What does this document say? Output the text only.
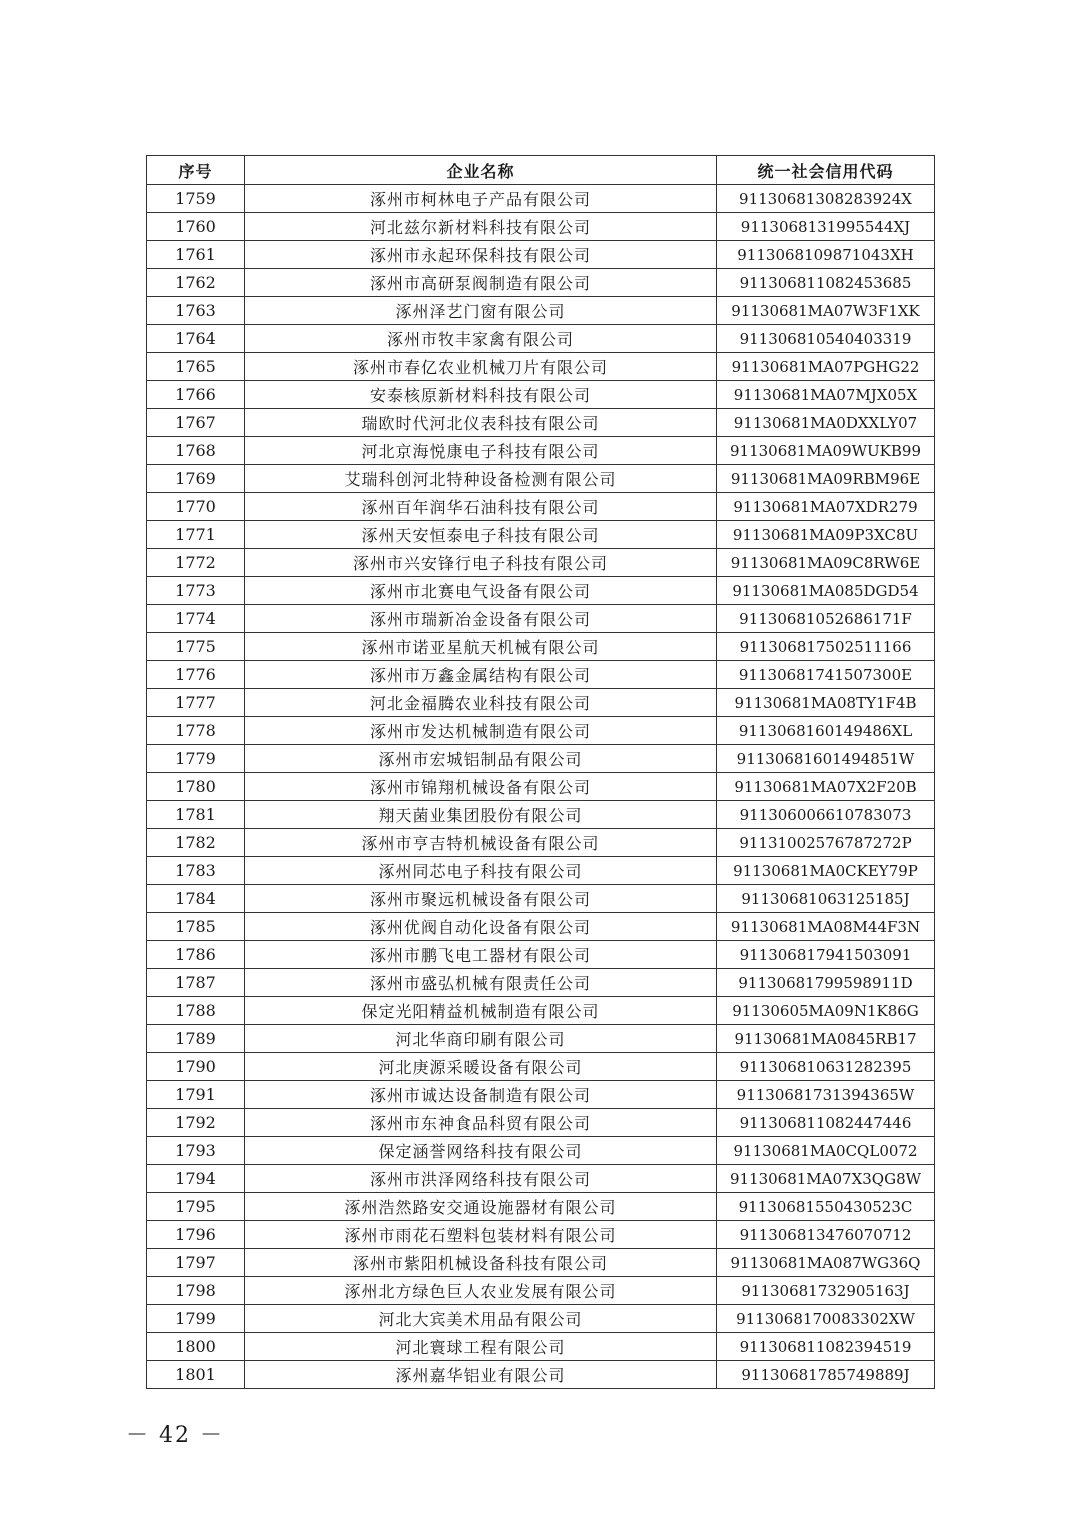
序号	企业名称	统一社会信用代码
1759	涿州市柯林电子产品有限公司	91130681308283924X
1760	河北兹尔新材料科技有限公司	9113068131995544XJ
1761	涿州市永起环保科技有限公司	9113068109871043XH
1762	涿州市高研泵阀制造有限公司	911306811082453685
1763	涿州泽艺门窗有限公司	91130681MA07W3F1XK
1764	涿州市牧丰家禽有限公司	911306810540403319
1765	涿州市春亿农业机械刀片有限公司	91130681MA07PGHG22
1766	安泰核原新材料科技有限公司	91130681MA07MJX05X
1767	瑞欧时代河北仪表科技有限公司	91130681MA0DXXLY07
1768	河北京海悦康电子科技有限公司	91130681MA09WUKB99
1769	艾瑞科创河北特种设备检测有限公司	91130681MA09RBM96E
1770	涿州百年润华石油科技有限公司	91130681MA07XDR279
1771	涿州天安恒泰电子科技有限公司	91130681MA09P3XC8U
1772	涿州市兴安锋行电子科技有限公司	91130681MA09C8RW6E
1773	涿州市北赛电气设备有限公司	91130681MA085DGD54
1774	涿州市瑞新冶金设备有限公司	91130681052686171F
1775	涿州市诺亚星航天机械有限公司	911306817502511166
1776	涿州市万鑫金属结构有限公司	91130681741507300E
1777	河北金福腾农业科技有限公司	91130681MA08TY1F4B
1778	涿州市发达机械制造有限公司	9113068160149486XL
1779	涿州市宏城铝制品有限公司	91130681601494851W
1780	涿州市锦翔机械设备有限公司	91130681MA07X2F20B
1781	翔天菌业集团股份有限公司	911306006610783073
1782	涿州市亨吉特机械设备有限公司	9113100257678727​2P
1783	涿州同芯电子科技有限公司	91130681MA0CKEY79P
1784	涿州市聚远机械设备有限公司	91130681063125185J
1785	涿州优阀自动化设备有限公司	91130681MA08M44F3N
1786	涿州市鹏飞电工器材有限公司	911306817941503091
1787	涿州市盛弘机械有限责任公司	91130681799598911D
1788	保定光阳精益机械制造有限公司	91130605MA09N1K86G
1789	河北华商印刷有限公司	91130681MA0845RB17
1790	河北庚源采暖设备有限公司	911306810631282395
1791	涿州市诚达设备制造有限公司	91130681731394365W
1792	涿州市东神食品科贸有限公司	911306811082447446
1793	保定涵誉网络科技有限公司	91130681MA0CQL0072
1794	涿州市洪泽网络科技有限公司	91130681MA07X3QG8W
1795	涿州浩然路安交通设施器材有限公司	91130681550430523C
1796	涿州市雨花石塑料包装材料有限公司	911306813476070712
1797	涿州市紫阳机械设备科技有限公司	91130681MA087WG36Q
1798	涿州北方绿色巨人农业发展有限公司	91130681732905163J
1799	河北大宾美术用品有限公司	9113068170083302XW
1800	河北寰球工程有限公司	911306811082394519
1801	涿州嘉华铝业有限公司	91130681785749889J
－ 42 －
